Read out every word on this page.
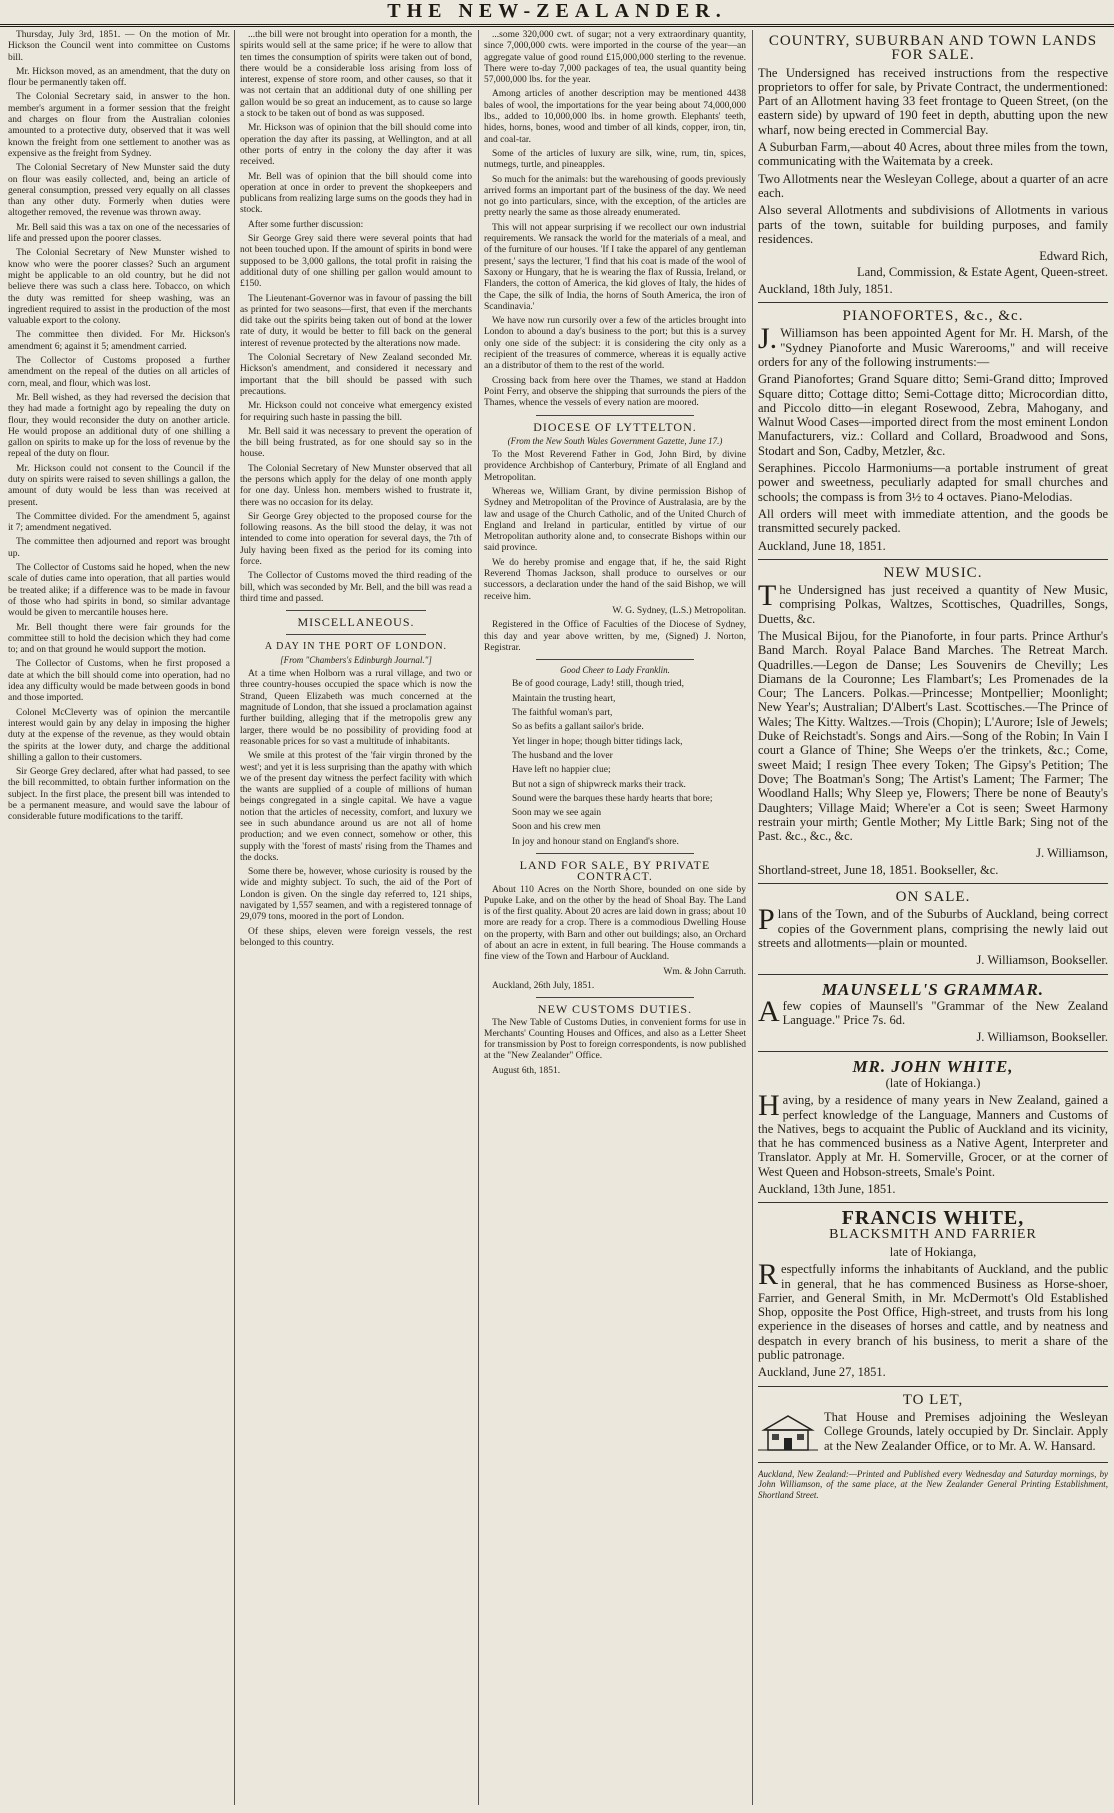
THE NEW-ZEALANDER.

Thursday, July 3rd, 1851. — On the motion of Mr. Hickson the Council went into committee on Customs bill.

Mr. Hickson moved, as an amendment, that the duty on flour be permanently taken off.

The Colonial Secretary said, in answer to the hon. member's argument in a former session that the freight and charges on flour from the Australian colonies amounted to a protective duty, observed that it was well known the freight from one settlement to another was as expensive as the freight from Sydney.

The Colonial Secretary of New Munster said the duty on flour was easily collected, and, being an article of general consumption, pressed very equally on all classes than any other duty. Formerly when duties were altogether removed, the revenue was thrown away.

Mr. Bell said this was a tax on one of the necessaries of life and pressed upon the poorer classes.

The Colonial Secretary of New Munster wished to know who were the poorer classes? Such an argument might be applicable to an old country, but he did not believe there was such a class here. Tobacco, on which the duty was remitted for sheep washing, was an ingredient required to assist in the production of the most valuable export to the colony.

The committee then divided. For Mr. Hickson's amendment 6; against it 5; amendment carried.

The Collector of Customs proposed a further amendment on the repeal of the duties on all articles of corn, meal, and flour, which was lost.

Mr. Bell wished, as they had reversed the decision that they had made a fortnight ago by repealing the duty on flour, they would reconsider the duty on another article. He would propose an additional duty of one shilling a gallon on spirits to make up for the loss of revenue by the repeal of the duty on flour.

Mr. Hickson could not consent to the Council if the duty on spirits were raised to seven shillings a gallon, the amount of duty would be less than was received at present.

The Committee divided. For the amendment 5, against it 7; amendment negatived.

The committee then adjourned and report was brought up.

The Collector of Customs said he hoped, when the new scale of duties came into operation, that all parties would be treated alike; if a difference was to be made in favour of those who had spirits in bond, so similar advantage would be given to mercantile houses here.

Mr. Bell thought there were fair grounds for the committee still to hold the decision which they had come to; and on that ground he would support the motion.

The Collector of Customs, when he first proposed a date at which the bill should come into operation, had no idea any difficulty would be made between goods in bond and those imported.

Colonel McCleverty was of opinion the mercantile interest would gain by any delay in imposing the higher duty at the expense of the revenue, as they would obtain the spirits at the lower duty, and charge the additional shilling a gallon to their customers.

Sir George Grey declared, after what had passed, to see the bill recommitted, to obtain further information on the subject. In the first place, the present bill was intended to be a permanent measure, and would save the labour of considerable future modifications to the tariff.

...the bill were not brought into operation for a month, the spirits would sell at the same price; if he were to allow that ten times the consumption of spirits were taken out of bond, there would be a considerable loss arising from loss of interest, expense of store room, and other causes, so that it was not certain that an additional duty of one shilling per gallon would be so great an inducement, as to cause so large a stock to be taken out of bond as was supposed.

Mr. Hickson was of opinion that the bill should come into operation the day after its passing, at Wellington, and at all other ports of entry in the colony the day after it was received.

Mr. Bell was of opinion that the bill should come into operation at once in order to prevent the shopkeepers and publicans from realizing large sums on the goods they had in stock.

After some further discussion:

Sir George Grey said there were several points that had not been touched upon. If the amount of spirits in bond were supposed to be 3,000 gallons, the total profit in raising the additional duty of one shilling per gallon would amount to £150.

The Lieutenant-Governor was in favour of passing the bill as printed for two seasons—first, that even if the merchants did take out the spirits being taken out of bond at the lower rate of duty, it would be better to fill back on the general interest of revenue protected by the alterations now made.

The Colonial Secretary of New Zealand seconded Mr. Hickson's amendment, and considered it necessary and important that the bill should be passed with such precautions.

Mr. Hickson could not conceive what emergency existed for requiring such haste in passing the bill.

Mr. Bell said it was necessary to prevent the operation of the bill being frustrated, as for one should say so in the house.

The Colonial Secretary of New Munster observed that all the persons which apply for the delay of one month apply for one day. Unless hon. members wished to frustrate it, there was no occasion for its delay.

Sir George Grey objected to the proposed course for the following reasons. As the bill stood the delay, it was not intended to come into operation for several days, the 7th of July having been fixed as the period for its coming into force.

The Collector of Customs moved the third reading of the bill, which was seconded by Mr. Bell, and the bill was read a third time and passed.

MISCELLANEOUS.
A DAY IN THE PORT OF LONDON.
[From "Chambers's Edinburgh Journal."]

At a time when Holborn was a rural village, and two or three country-houses occupied the space which is now the Strand, Queen Elizabeth was much concerned at the magnitude of London, that she issued a proclamation against further building, alleging that if the metropolis grew any larger, there would be no possibility of providing food at reasonable prices for so vast a multitude of inhabitants.

We smile at this protest of the 'fair virgin throned by the west'; and yet it is less surprising than the apathy with which we of the present day witness the perfect facility with which the wants are supplied of a couple of millions of human beings congregated in a single capital. We have a vague notion that the articles of necessity, comfort, and luxury we see in such abundance around us are not all of home production; and we even connect, somehow or other, this supply with the 'forest of masts' rising from the Thames and the docks.

Some there be, however, whose curiosity is roused by the wide and mighty subject. To such, the aid of the Port of London is given. On the single day referred to, 121 ships, navigated by 1,557 seamen, and with a registered tonnage of 29,079 tons, moored in the port of London.

Of these ships, eleven were foreign vessels, the rest belonged to this country.

...some 320,000 cwt. of sugar; not a very extraordinary quantity, since 7,000,000 cwts. were imported in the course of the year—an aggregate value of good round £15,000,000 sterling to the revenue. There were to-day 7,000 packages of tea, the usual quantity being 57,000,000 lbs. for the year.

Among articles of another description may be mentioned 4438 bales of wool, the importations for the year being about 74,000,000 lbs., added to 10,000,000 lbs. in home growth. Elephants' teeth, hides, horns, bones, wood and timber of all kinds, copper, iron, tin, and coal-tar.

Some of the articles of luxury are silk, wine, rum, tin, spices, nutmegs, turtle, and pineapples.

So much for the animals: but the warehousing of goods previously arrived forms an important part of the business of the day. We need not go into particulars, since, with the exception, of the articles are pretty nearly the same as those already enumerated.

This will not appear surprising if we recollect our own industrial requirements. We ransack the world for the materials of a meal, and of the furniture of our houses. 'If I take the apparel of any gentleman present,' says the lecturer, 'I find that his coat is made of the wool of Saxony or Hungary, that he is wearing the flax of Russia, Ireland, or Flanders, the cotton of America, the kid gloves of Italy, the hides of the Cape, the silk of India, the horns of South America, the iron of Scandinavia.'

We have now run cursorily over a few of the articles brought into London to abound a day's business to the port; but this is a survey only one side of the subject: it is considering the city only as a recipient of the treasures of commerce, whereas it is equally active an a distributor of them to the rest of the world.

Crossing back from here over the Thames, we stand at Haddon Point Ferry, and observe the shipping that surrounds the piers of the Thames, whence the vessels of every nation are moored.

DIOCESE OF LYTTELTON.
(From the New South Wales Government Gazette, June 17.)

To the Most Reverend Father in God, John Bird, by divine providence Archbishop of Canterbury, Primate of all England and Metropolitan.

Whereas we, William Grant, by divine permission Bishop of Sydney and Metropolitan of the Province of Australasia, are by the law and usage of the Church Catholic, and of the United Church of England and Ireland in particular, entitled by virtue of our Metropolitan authority alone and, to consecrate Bishops within our said province.

We do hereby promise and engage that, if he, the said Right Reverend Thomas Jackson, shall produce to ourselves or our successors, a declaration under the hand of the said Bishop, we will receive him.

W. G. Sydney, (L.S.) Metropolitan.

Registered in the Office of Faculties of the Diocese of Sydney, this day and year above written, by me, (Signed) J. Norton, Registrar.

Good Cheer to Lady Franklin.

Be of good courage, Lady! still, though tried,

Maintain the trusting heart,

The faithful woman's part,

So as befits a gallant sailor's bride.

Yet linger in hope; though bitter tidings lack,

The husband and the lover

Have left no happier clue;

But not a sign of shipwreck marks their track.

Sound were the barques these hardy hearts that bore;

Soon may we see again

Soon and his crew men

In joy and honour stand on England's shore.

LAND FOR SALE, BY PRIVATE CONTRACT.

About 110 Acres on the North Shore, bounded on one side by Pupuke Lake, and on the other by the head of Shoal Bay. The Land is of the first quality. About 20 acres are laid down in grass; about 10 more are ready for a crop. There is a commodious Dwelling House on the property, with Barn and other out buildings; also, an Orchard of about an acre in extent, in full bearing. The House commands a fine view of the Town and Harbour of Auckland.

Wm. & John Carruth.

Auckland, 26th July, 1851.

NEW CUSTOMS DUTIES.

The New Table of Customs Duties, in convenient forms for use in Merchants' Counting Houses and Offices, and also as a Letter Sheet for transmission by Post to foreign correspondents, is now published at the "New Zealander" Office.

August 6th, 1851.

COUNTRY, SUBURBAN AND TOWN LANDS FOR SALE.

The Undersigned has received instructions from the respective proprietors to offer for sale, by Private Contract, the undermentioned: Part of an Allotment having 33 feet frontage to Queen Street, (on the eastern side) by upward of 190 feet in depth, abutting upon the new wharf, now being erected in Commercial Bay.

A Suburban Farm,—about 40 Acres, about three miles from the town, communicating with the Waitemata by a creek.

Two Allotments near the Wesleyan College, about a quarter of an acre each.

Also several Allotments and subdivisions of Allotments in various parts of the town, suitable for building purposes, and family residences.

Edward Rich,

Land, Commission, & Estate Agent, Queen-street.

Auckland, 18th July, 1851.

PIANOFORTES, &c., &c.

J.Williamson has been appointed Agent for Mr. H. Marsh, of the "Sydney Pianoforte and Music Warerooms," and will receive orders for any of the following instruments:—

Grand Pianofortes; Grand Square ditto; Semi-Grand ditto; Improved Square ditto; Cottage ditto; Semi-Cottage ditto; Microcordian ditto, and Piccolo ditto—in elegant Rosewood, Zebra, Mahogany, and Walnut Wood Cases—imported direct from the most eminent London Manufacturers, viz.: Collard and Collard, Broadwood and Sons, Stodart and Son, Cadby, Metzler, &c.

Seraphines. Piccolo Harmoniums—a portable instrument of great power and sweetness, peculiarly adapted for small churches and schools; the compass is from 3½ to 4 octaves. Piano-Melodias.

All orders will meet with immediate attention, and the goods be transmitted securely packed.

Auckland, June 18, 1851.

NEW MUSIC.

The Undersigned has just received a quantity of New Music, comprising Polkas, Waltzes, Scottisches, Quadrilles, Songs, Duetts, &c.

The Musical Bijou, for the Pianoforte, in four parts. Prince Arthur's Band March. Royal Palace Band Marches. The Retreat March. Quadrilles.—Legon de Danse; Les Souvenirs de Chevilly; Les Diamans de la Couronne; Les Flambart's; Les Promenades de la Cour; The Lancers. Polkas.—Princesse; Montpellier; Moonlight; New Year's; Australian; D'Albert's Last. Scottisches.—The Prince of Wales; The Kitty. Waltzes.—Trois (Chopin); L'Aurore; Isle of Jewels; Duke of Reichstadt's. Songs and Airs.—Song of the Robin; In Vain I court a Glance of Thine; She Weeps o'er the trinkets, &c.; Come, sweet Maid; I resign Thee every Token; The Gipsy's Petition; The Dove; The Boatman's Song; The Artist's Lament; The Farmer; The Woodland Halls; Why Sleep ye, Flowers; There be none of Beauty's Daughters; Village Maid; Where'er a Cot is seen; Sweet Harmony restrain your mirth; Gentle Mother; My Little Bark; Sing not of the Past. &c., &c., &c.

J. Williamson,

Shortland-street, June 18, 1851. Bookseller, &c.

ON SALE.

Plans of the Town, and of the Suburbs of Auckland, being correct copies of the Government plans, comprising the newly laid out streets and allotments—plain or mounted.

J. Williamson, Bookseller.

MAUNSELL'S GRAMMAR.

Afew copies of Maunsell's "Grammar of the New Zealand Language." Price 7s. 6d.

J. Williamson, Bookseller.

MR. JOHN WHITE,

(late of Hokianga.)

Having, by a residence of many years in New Zealand, gained a perfect knowledge of the Language, Manners and Customs of the Natives, begs to acquaint the Public of Auckland and its vicinity, that he has commenced business as a Native Agent, Interpreter and Translator. Apply at Mr. H. Somerville, Grocer, or at the corner of West Queen and Hobson-streets, Smale's Point.

Auckland, 13th June, 1851.

FRANCIS WHITE,

BLACKSMITH AND FARRIER

late of Hokianga,

Respectfully informs the inhabitants of Auckland, and the public in general, that he has commenced Business as Horse-shoer, Farrier, and General Smith, in Mr. McDermott's Old Established Shop, opposite the Post Office, High-street, and trusts from his long experience in the diseases of horses and cattle, and by neatness and despatch in every branch of his business, to merit a share of the public patronage.

Auckland, June 27, 1851.

TO LET,

That House and Premises adjoining the Wesleyan College Grounds, lately occupied by Dr. Sinclair. Apply at the New Zealander Office, or to Mr. A. W. Hansard.

Auckland, New Zealand:—Printed and Published every Wednesday and Saturday mornings, by John Williamson, of the same place, at the New Zealander General Printing Establishment, Shortland Street.
